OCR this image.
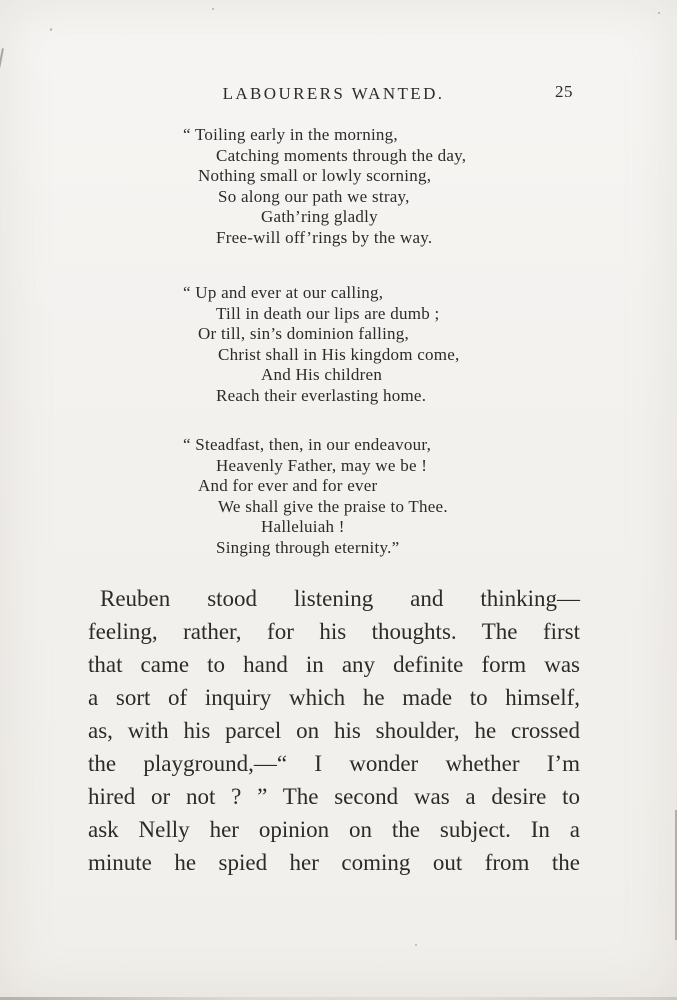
LABOURERS WANTED.	25
“ Toiling early in the morning,
Catching moments through the day,
Nothing small or lowly scorning,
So along our path we stray,
Gath’ring gladly
Free-will off’rings by the way.
“ Up and ever at our calling,
Till in death our lips are dumb ;
Or till, sin’s dominion falling,
Christ shall in His kingdom come,
And His children
Reach their everlasting home.
“ Steadfast, then, in our endeavour,
Heavenly Father, may we be !
And for ever and for ever
We shall give the praise to Thee.
Halleluiah !
Singing through eternity.”
Reuben stood listening and thinking—
feeling, rather, for his thoughts. The first
that came to hand in any definite form was
a sort of inquiry which he made to himself,
as, with his parcel on his shoulder, he crossed
the playground,—“ I wonder whether I’m
hired or not ? ” The second was a desire to
ask Nelly her opinion on the subject. In a
minute he spied her coming out from the
